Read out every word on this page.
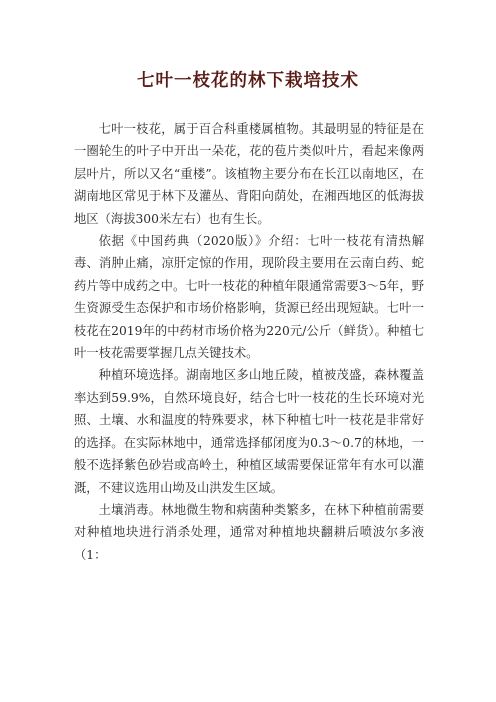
七叶一枝花的林下栽培技术

七叶一枝花，属于百合科重楼属植物。其最明显的特征是在一圈轮生的叶子中开出一朵花，花的苞片类似叶片，看起来像两层叶片，所以又名“重楼”。该植物主要分布在长江以南地区，在湖南地区常见于林下及灌丛、背阳向荫处，在湘西地区的低海拔地区（海拔300米左右）也有生长。

依据《中国药典（2020版）》介绍：七叶一枝花有清热解毒、消肿止痛，凉肝定惊的作用，现阶段主要用在云南白药、蛇药片等中成药之中。七叶一枝花的种植年限通常需要3～5年，野生资源受生态保护和市场价格影响，货源已经出现短缺。七叶一枝花在2019年的中药材市场价格为220元/公斤（鲜货）。种植七叶一枝花需要掌握几点关键技术。

种植环境选择。湖南地区多山地丘陵，植被茂盛，森林覆盖率达到59.9%，自然环境良好，结合七叶一枝花的生长环境对光照、土壤、水和温度的特殊要求，林下种植七叶一枝花是非常好的选择。在实际林地中，通常选择郁闭度为0.3～0.7的林地，一般不选择紫色砂岩或高岭土，种植区域需要保证常年有水可以灌溉，不建议选用山坳及山洪发生区域。

土壤消毒。林地微生物和病菌种类繁多，在林下种植前需要对种植地块进行消杀处理，通常对种植地块翻耕后喷波尔多液（1：
